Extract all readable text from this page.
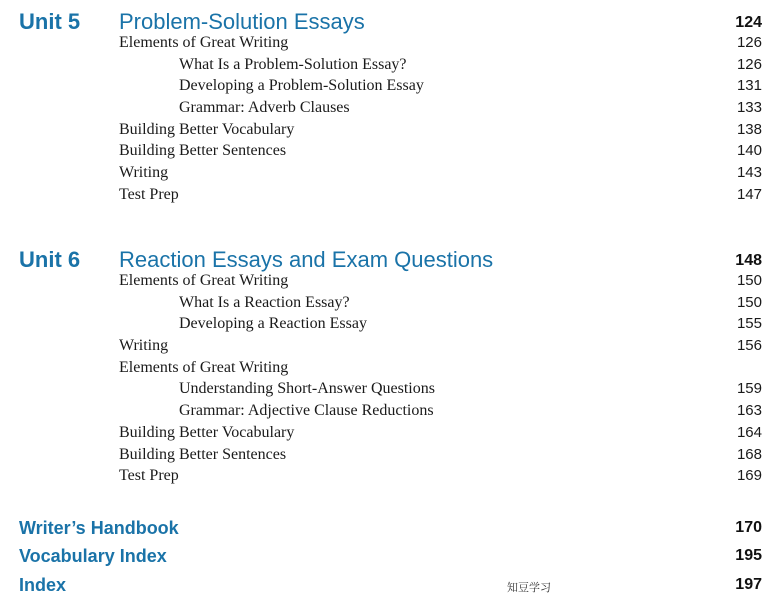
Unit 5 Problem-Solution Essays	124
Elements of Great Writing	126
What Is a Problem-Solution Essay?	126
Developing a Problem-Solution Essay	131
Grammar: Adverb Clauses	133
Building Better Vocabulary	138
Building Better Sentences	140
Writing	143
Test Prep	147
Unit 6 Reaction Essays and Exam Questions	148
Elements of Great Writing	150
What Is a Reaction Essay?	150
Developing a Reaction Essay	155
Writing	156
Elements of Great Writing
Understanding Short-Answer Questions	159
Grammar: Adjective Clause Reductions	163
Building Better Vocabulary	164
Building Better Sentences	168
Test Prep	169
Writer’s Handbook	170
Vocabulary Index	195
Index	197
知豆学习
